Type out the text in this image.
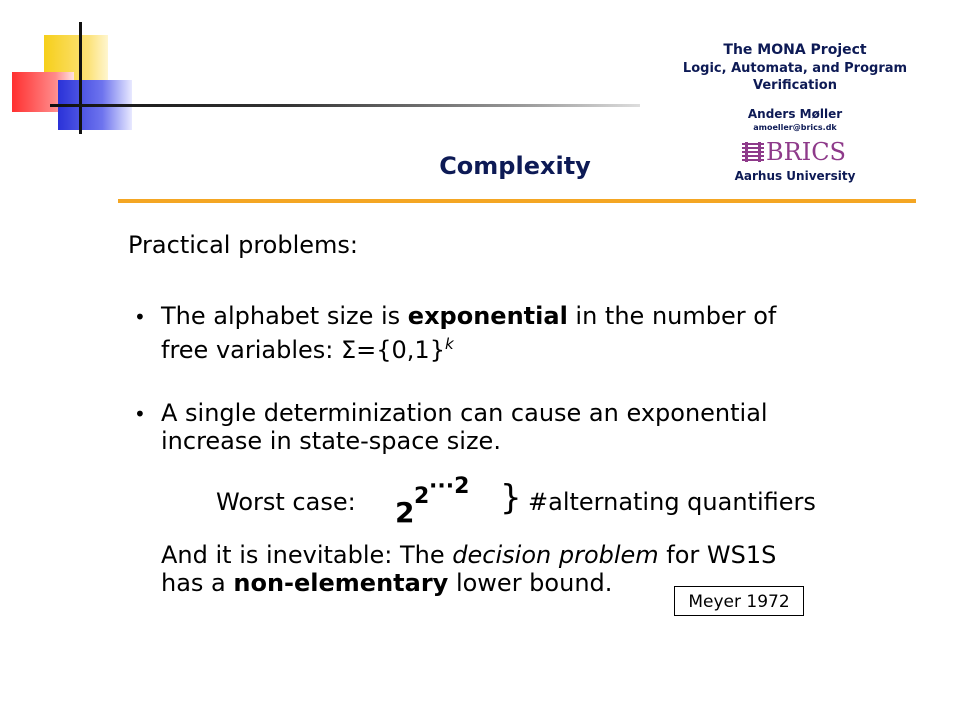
The MONA Project
Logic, Automata, and Program Verification
Anders Møller
amoeller@brics.dk
BRICS
Aarhus University
Complexity
Practical problems:
• The alphabet size is exponential in the number of
free variables: $\Sigma=\{0,1\}^k$
• A single determinization can cause an exponential
increase in state-space size.
Worst case: 2 2 ···2 } #alternating quantifiers
And it is inevitable: The decision problem for WS1S
has a non-elementary lower bound.
Meyer 1972
